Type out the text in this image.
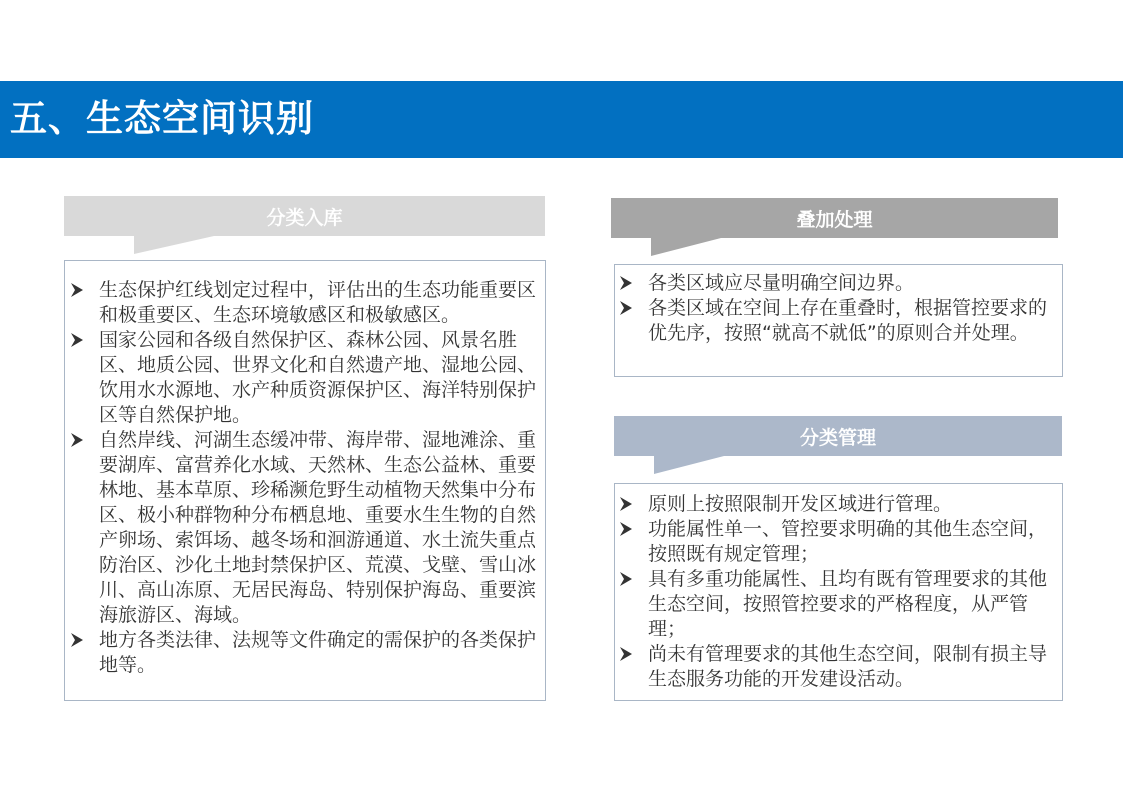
五、生态空间识别
分类入库
生态保护红线划定过程中，评估出的生态功能重要区和极重要区、生态环境敏感区和极敏感区。
国家公园和各级自然保护区、森林公园、风景名胜区、地质公园、世界文化和自然遗产地、湿地公园、饮用水水源地、水产种质资源保护区、海洋特别保护区等自然保护地。
自然岸线、河湖生态缓冲带、海岸带、湿地滩涂、重要湖库、富营养化水域、天然林、生态公益林、重要林地、基本草原、珍稀濒危野生动植物天然集中分布区、极小种群物种分布栖息地、重要水生生物的自然产卵场、索饵场、越冬场和洄游通道、水土流失重点防治区、沙化土地封禁保护区、荒漠、戈壁、雪山冰川、高山冻原、无居民海岛、特别保护海岛、重要滨海旅游区、海域。
地方各类法律、法规等文件确定的需保护的各类保护地等。
叠加处理
各类区域应尽量明确空间边界。
各类区域在空间上存在重叠时，根据管控要求的优先序，按照“就高不就低”的原则合并处理。
分类管理
原则上按照限制开发区域进行管理。
功能属性单一、管控要求明确的其他生态空间，按照既有规定管理；
具有多重功能属性、且均有既有管理要求的其他生态空间，按照管控要求的严格程度，从严管理；
尚未有管理要求的其他生态空间，限制有损主导生态服务功能的开发建设活动。
